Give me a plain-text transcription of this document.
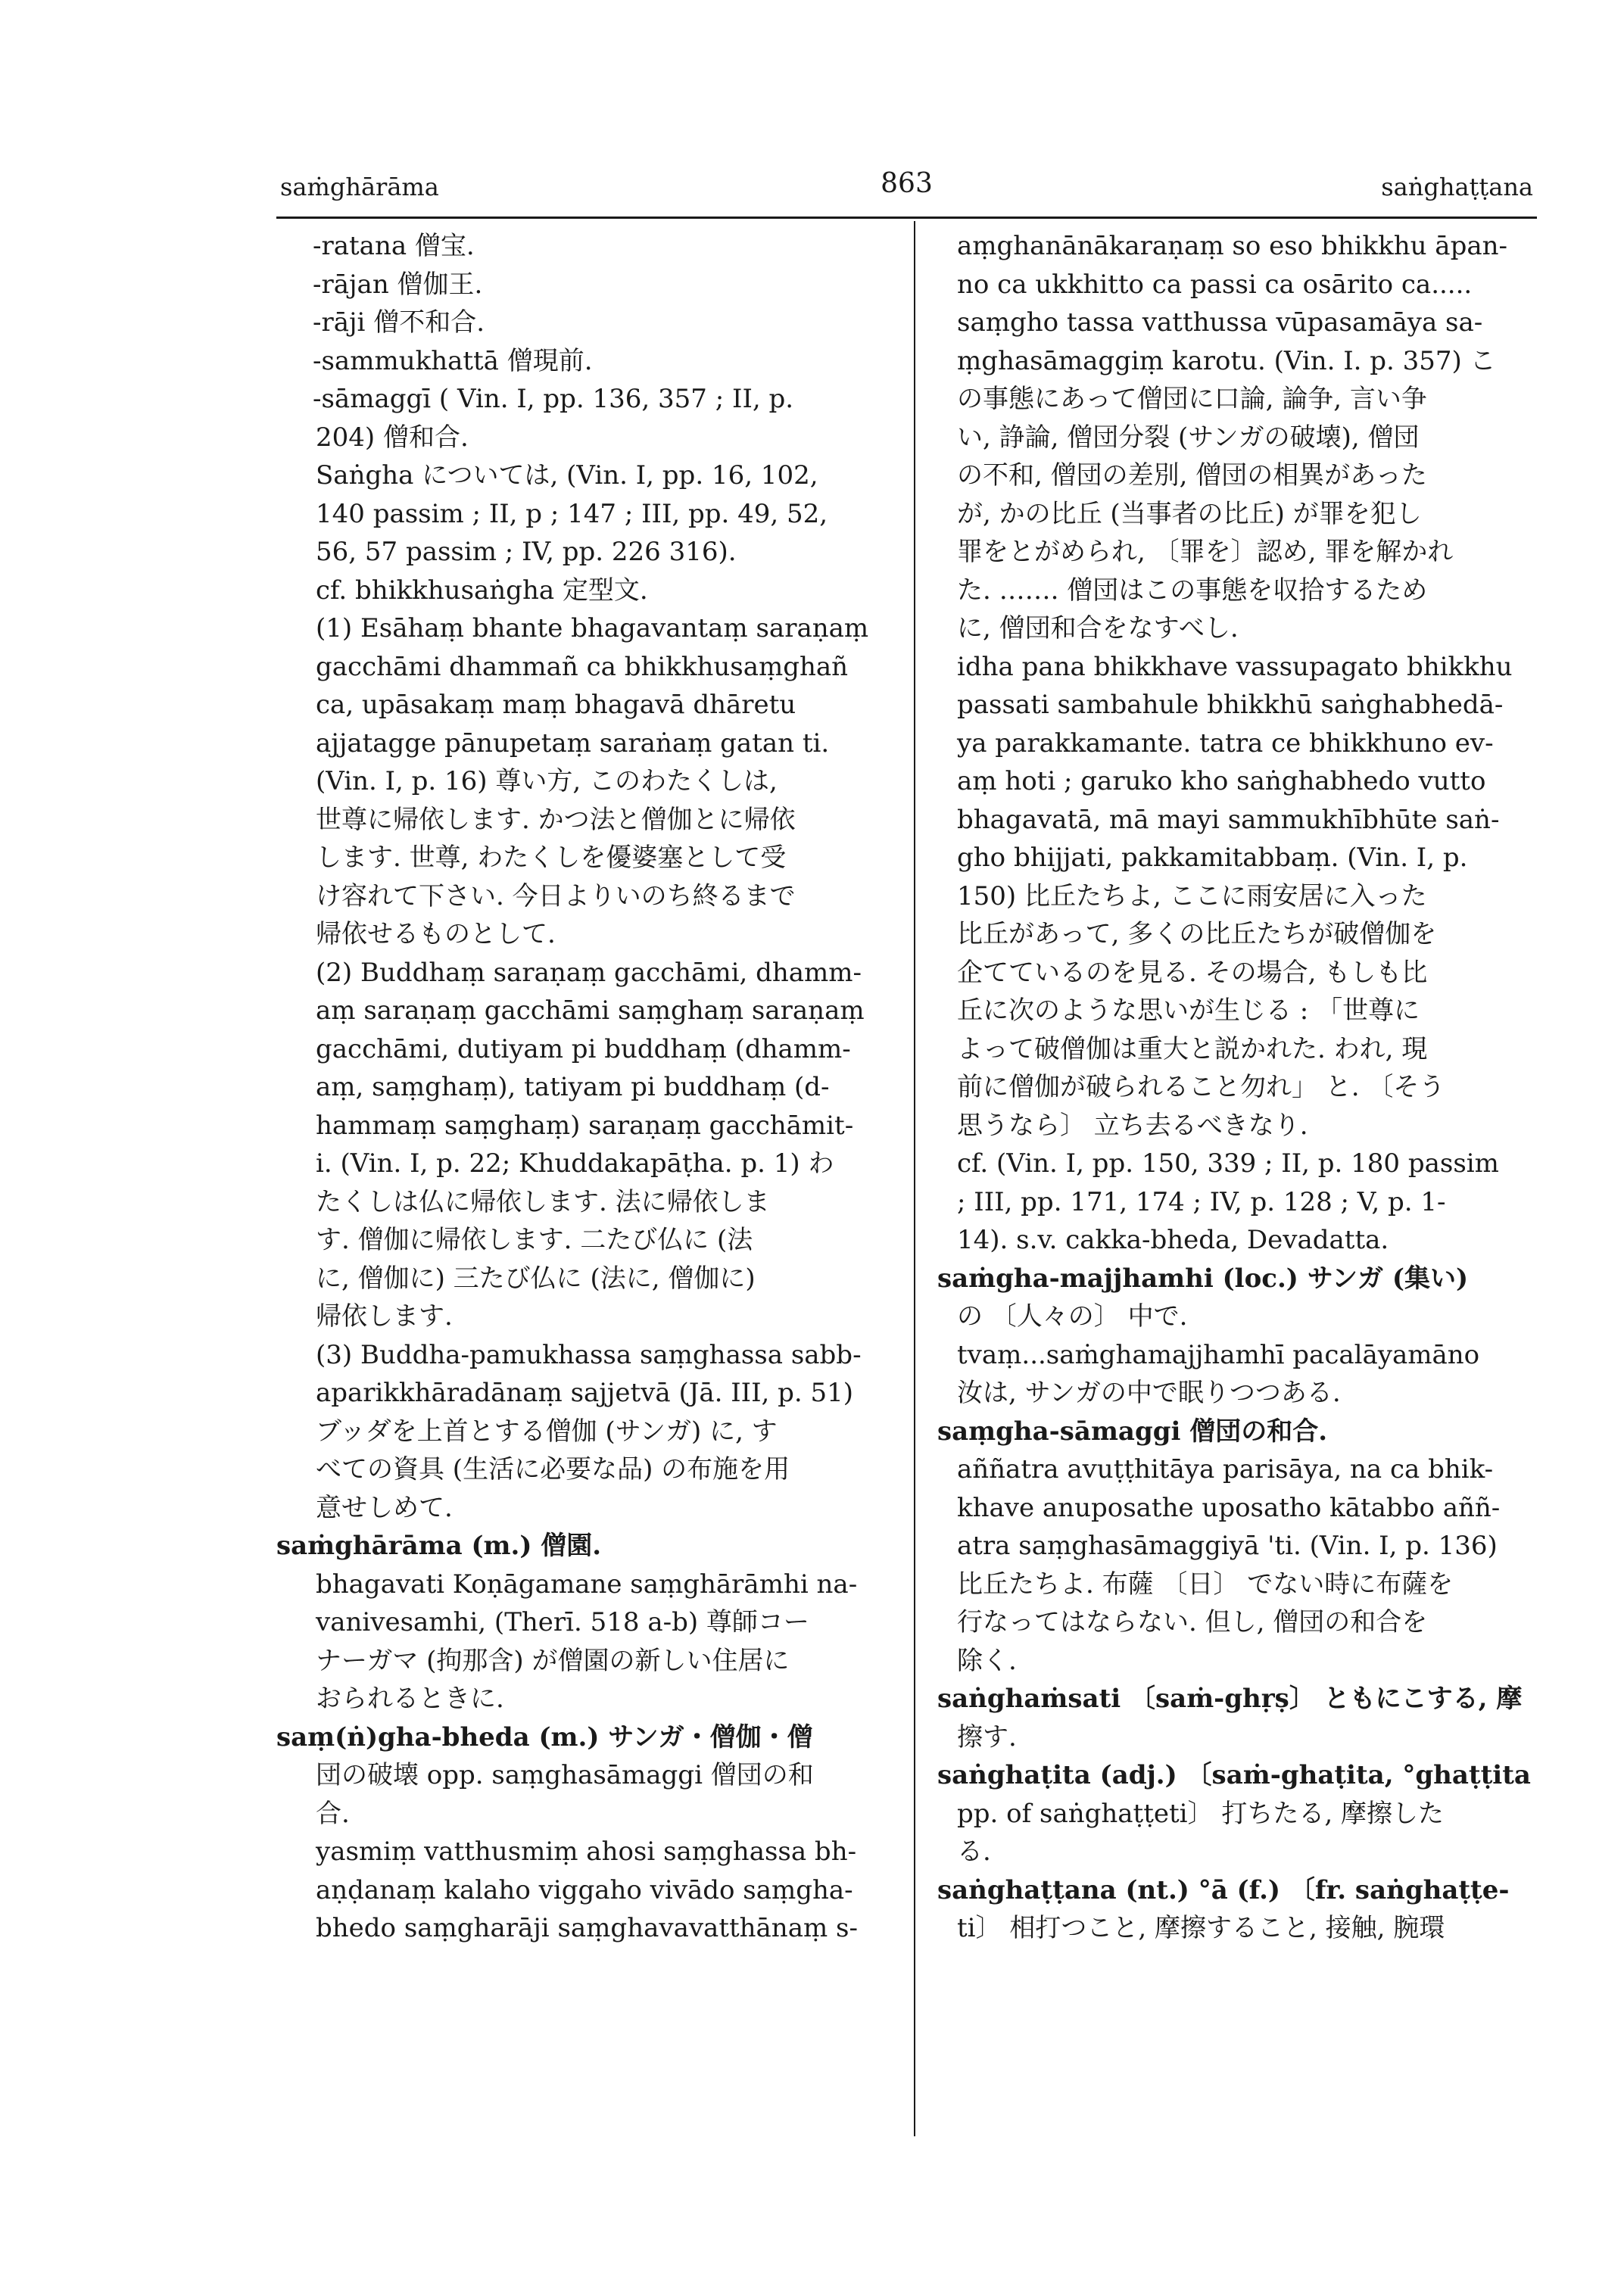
saṁghārāma	863	saṅghaṭṭana
-ratana 僧宝.
-rājan 僧伽王.
-rāji 僧不和合.
-sammukhattā 僧現前.
-sāmaggī ( Vin. I, pp. 136, 357 ; II, p.
204) 僧和合.
Saṅgha については, (Vin. I, pp. 16, 102,
140 passim ; II, p ; 147 ; III, pp. 49, 52,
56, 57 passim ; IV, pp. 226 316).
cf. bhikkhusaṅgha 定型文.
(1) Esāhaṃ bhante bhagavantaṃ saraṇaṃ
gacchāmi dhammañ ca bhikkhusaṃghañ
ca, upāsakaṃ maṃ bhagavā dhāretu
ajjatagge pānupetaṃ saraṅaṃ gatan ti.
(Vin. I, p. 16) 尊い方, このわたくしは,
世尊に帰依します. かつ法と僧伽とに帰依
します. 世尊, わたくしを優婆塞として受
け容れて下さい. 今日よりいのち終るまで
帰依せるものとして.
(2) Buddhaṃ saraṇaṃ gacchāmi, dhamm-
aṃ saraṇaṃ gacchāmi saṃghaṃ saraṇaṃ
gacchāmi, dutiyam pi buddhaṃ (dhamm-
aṃ, saṃghaṃ), tatiyam pi buddhaṃ (d-
hammaṃ saṃghaṃ) saraṇaṃ gacchāmit-
i. (Vin. I, p. 22; Khuddakapāṭha. p. 1) わ
たくしは仏に帰依します. 法に帰依しま
す. 僧伽に帰依します. 二たび仏に (法
に, 僧伽に) 三たび仏に (法に, 僧伽に)
帰依します.
(3) Buddha-pamukhassa saṃghassa sabb-
aparikkhāradānaṃ sajjetvā (Jā. III, p. 51)
ブッダを上首とする僧伽 (サンガ) に, す
べての資具 (生活に必要な品) の布施を用
意せしめて.
saṁghārāma (m.) 僧園.
bhagavati Koṇāgamane saṃghārāmhi na-
vanivesamhi, (Therī. 518 a-b) 尊師コー
ナーガマ (拘那含) が僧園の新しい住居に
おられるときに.
saṃ(ṅ)gha-bheda (m.) サンガ・僧伽・僧
団の破壊 opp. saṃghasāmaggi 僧団の和
合.
yasmiṃ vatthusmiṃ ahosi saṃghassa bh-
aṇḍanaṃ kalaho viggaho vivādo saṃgha-
bhedo saṃgharāji saṃghavavatthānaṃ s-
aṃghanānākaraṇaṃ so eso bhikkhu āpan-
no ca ukkhitto ca passi ca osārito ca.....
saṃgho tassa vatthussa vūpasamāya sa-
ṃghasāmaggiṃ karotu. (Vin. I. p. 357) こ
の事態にあって僧団に口論, 論争, 言い争
い, 諍論, 僧団分裂 (サンガの破壊), 僧団
の不和, 僧団の差別, 僧団の相異があった
が, かの比丘 (当事者の比丘) が罪を犯し
罪をとがめられ, 〔罪を〕認め, 罪を解かれ
た. ……. 僧団はこの事態を収拾するため
に, 僧団和合をなすべし.
idha pana bhikkhave vassupagato bhikkhu
passati sambahule bhikkhū saṅghabhedā-
ya parakkamante. tatra ce bhikkhuno ev-
aṃ hoti ; garuko kho saṅghabhedo vutto
bhagavatā, mā mayi sammukhībhūte saṅ-
gho bhijjati, pakkamitabbaṃ. (Vin. I, p.
150) 比丘たちよ, ここに雨安居に入った
比丘があって, 多くの比丘たちが破僧伽を
企てているのを見る. その場合, もしも比
丘に次のような思いが生じる : 「世尊に
よって破僧伽は重大と説かれた. われ, 現
前に僧伽が破られること勿れ」 と. 〔そう
思うなら〕 立ち去るべきなり.
cf. (Vin. I, pp. 150, 339 ; II, p. 180 passim
; III, pp. 171, 174 ; IV, p. 128 ; V, p. 1-
14). s.v. cakka-bheda, Devadatta.
saṁgha-majjhamhi (loc.) サンガ (集い)
の 〔人々の〕 中で.
tvaṃ...saṁghamajjhamhī pacalāyamāno
汝は, サンガの中で眠りつつある.
saṃgha-sāmaggi 僧団の和合.
aññatra avuṭṭhitāya parisāya, na ca bhik-
khave anuposathe uposatho kātabbo aññ-
atra saṃghasāmaggiyā 'ti. (Vin. I, p. 136)
比丘たちよ. 布薩 〔日〕 でない時に布薩を
行なってはならない. 但し, 僧団の和合を
除く.
saṅghaṁsati 〔saṁ-ghṛṣ〕 ともにこする, 摩
擦す.
saṅghaṭita (adj.) 〔saṁ-ghaṭita, °ghaṭṭita
pp. of saṅghaṭṭeti〕 打ちたる, 摩擦した
る.
saṅghaṭṭana (nt.) °ā (f.) 〔fr. saṅghaṭṭe-
ti〕 相打つこと, 摩擦すること, 接触, 腕環
